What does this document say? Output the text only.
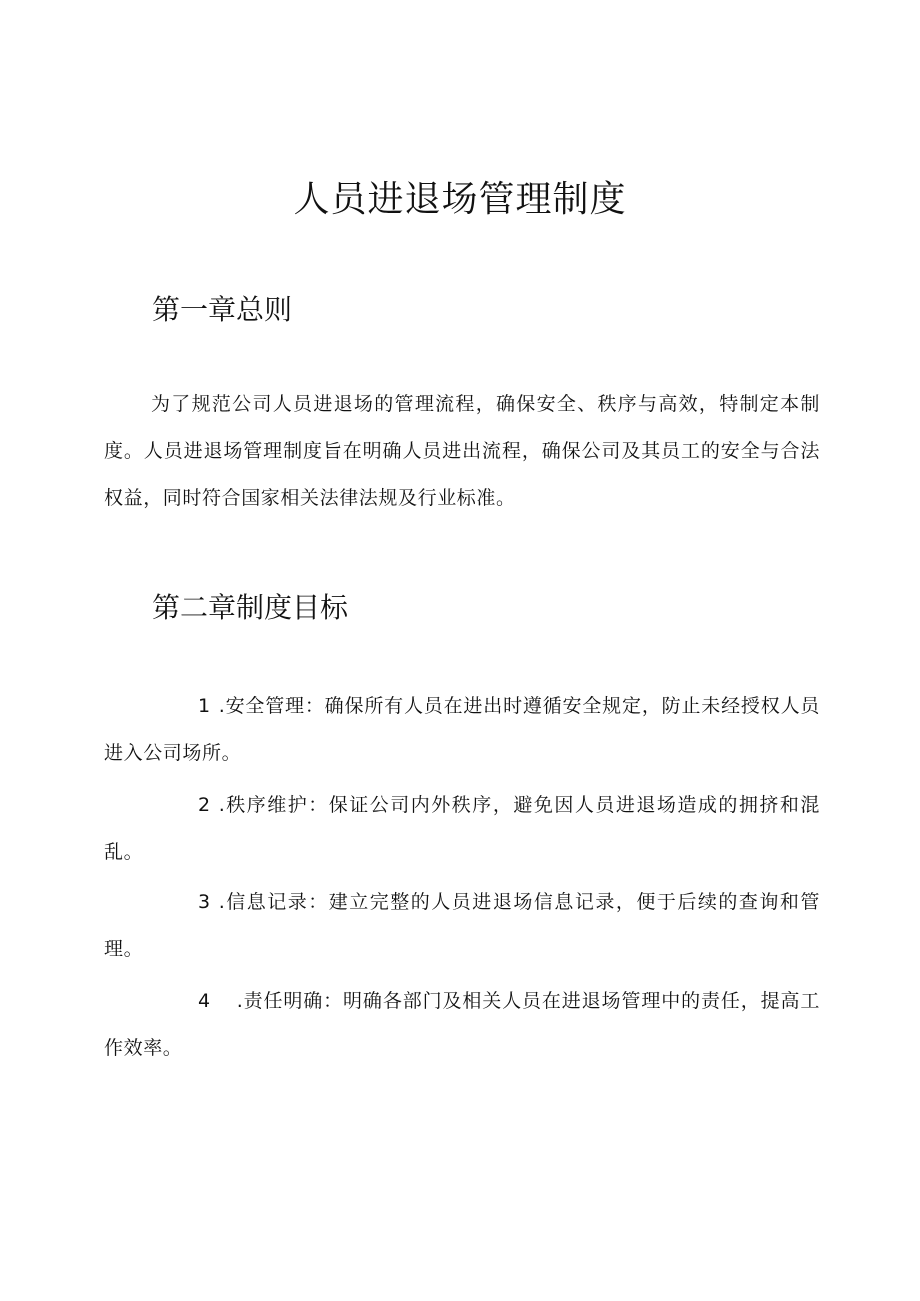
人员进退场管理制度
第一章总则
为了规范公司人员进退场的管理流程，确保安全、秩序与高效，特制定本制度。人员进退场管理制度旨在明确人员进出流程，确保公司及其员工的安全与合法权益，同时符合国家相关法律法规及行业标准。
第二章制度目标
1 .安全管理：确保所有人员在进出时遵循安全规定，防止未经授权人员进入公司场所。
2 .秩序维护：保证公司内外秩序，避免因人员进退场造成的拥挤和混乱。
3 .信息记录：建立完整的人员进退场信息记录，便于后续的查询和管理。
4 .责任明确：明确各部门及相关人员在进退场管理中的责任，提高工作效率。
